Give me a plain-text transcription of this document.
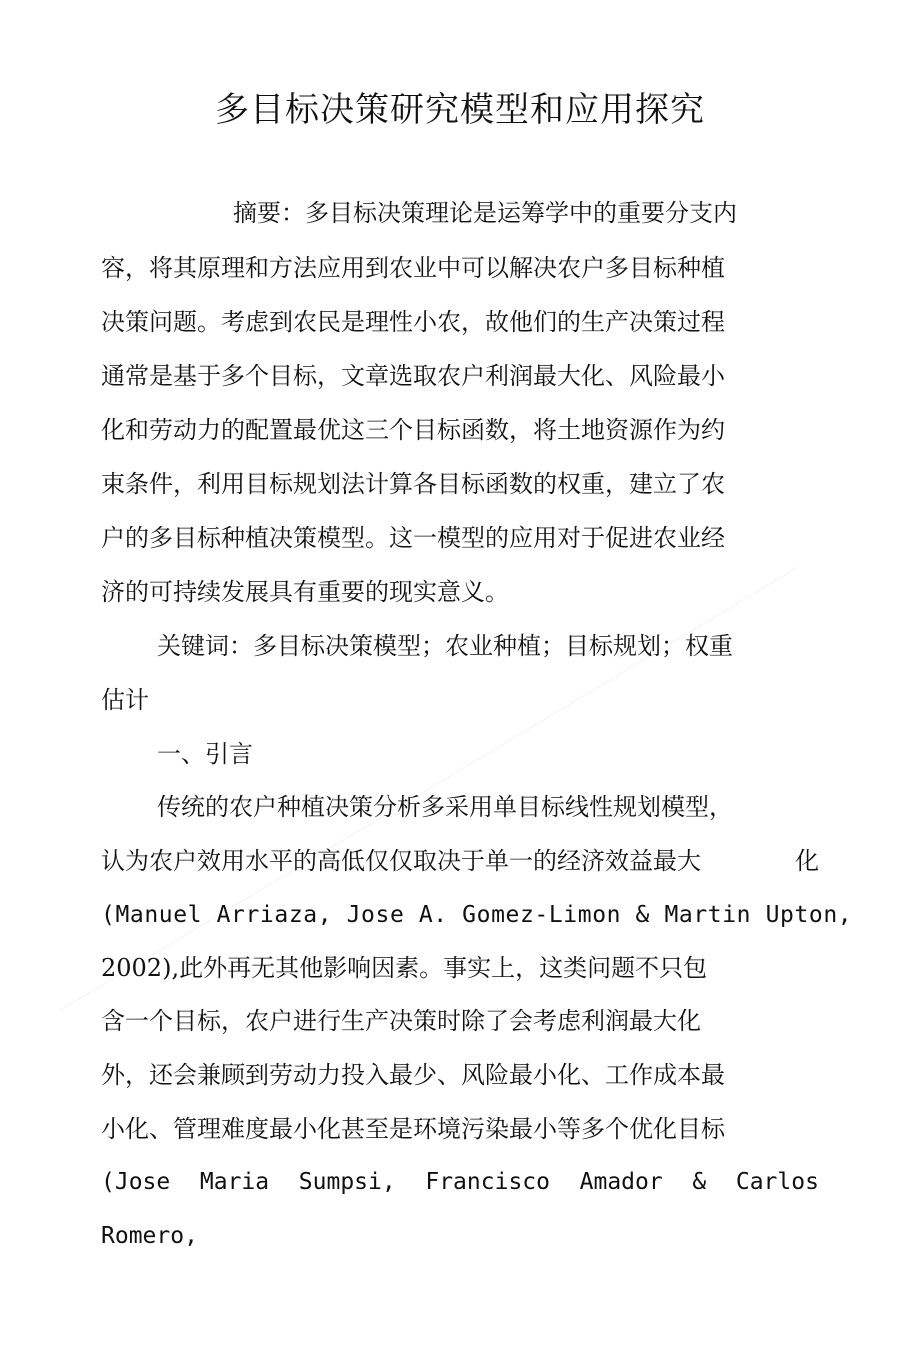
多目标决策研究模型和应用探究
摘要：多目标决策理论是运筹学中的重要分支内
容，将其原理和方法应用到农业中可以解决农户多目标种植
决策问题。考虑到农民是理性小农，故他们的生产决策过程
通常是基于多个目标，文章选取农户利润最大化、风险最小
化和劳动力的配置最优这三个目标函数，将土地资源作为约
束条件，利用目标规划法计算各目标函数的权重，建立了农
户的多目标种植决策模型。这一模型的应用对于促进农业经
济的可持续发展具有重要的现实意义。
关键词：多目标决策模型；农业种植；目标规划；权重
估计
一、引言
传统的农户种植决策分析多采用单目标线性规划模型，
认为农户效用水平的高低仅仅取决于单一的经济效益最大	化
(Manuel Arriaza, Jose A. Gomez-Limon & Martin Upton,
2002),此外再无其他影响因素。事实上，这类问题不只包
含一个目标，农户进行生产决策时除了会考虑利润最大化
外，还会兼顾到劳动力投入最少、风险最小化、工作成本最
小化、管理难度最小化甚至是环境污染最小等多个优化目标
(Jose Maria Sumpsi, Francisco Amador & Carlos
Romero,
